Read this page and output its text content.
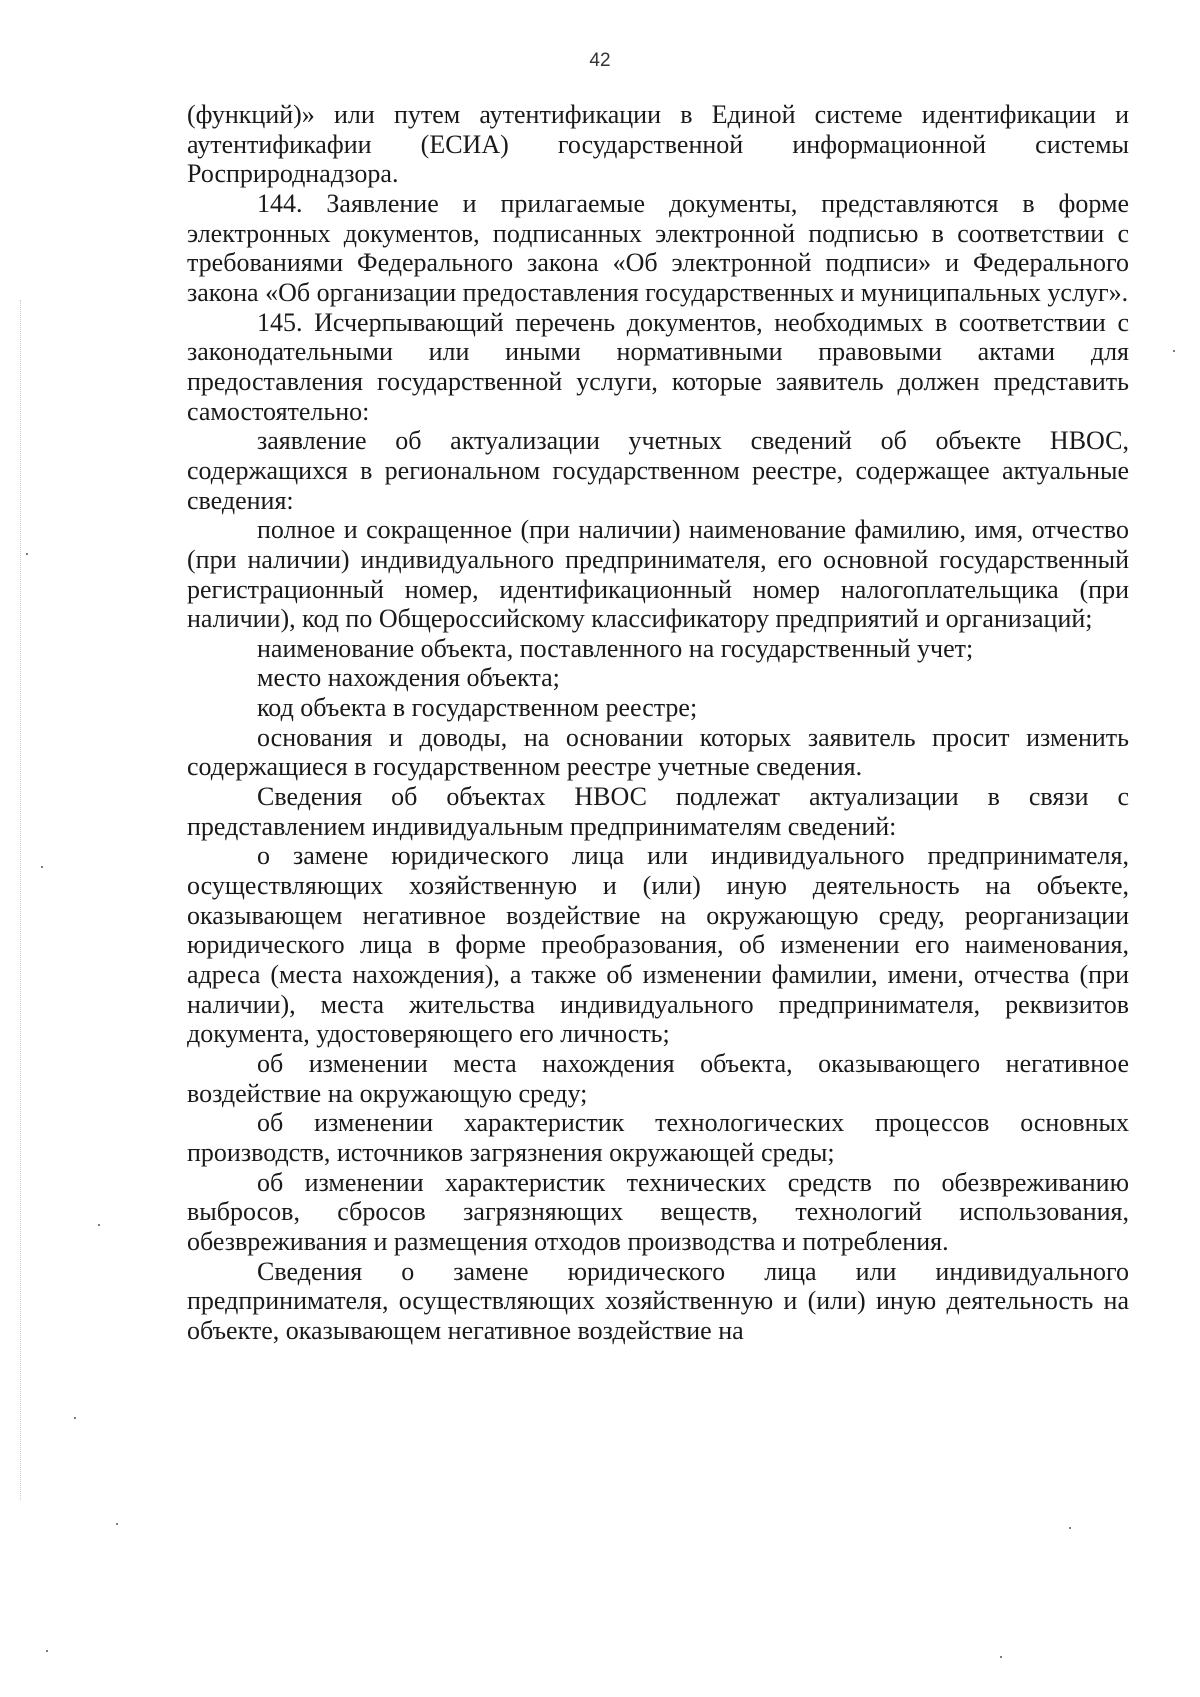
42

(функций)» или путем аутентификации в Единой системе идентификации и аутентификафии (ЕСИА) государственной информационной системы Росприроднадзора.

144. Заявление и прилагаемые документы, представляются в форме электронных документов, подписанных электронной подписью в соответствии с требованиями Федерального закона «Об электронной подписи» и Федерального закона «Об организации предоставления государственных и муниципальных услуг».

145. Исчерпывающий перечень документов, необходимых в соответствии с законодательными или иными нормативными правовыми актами для предоставления государственной услуги, которые заявитель должен представить самостоятельно:

заявление об актуализации учетных сведений об объекте НВОС, содержащихся в региональном государственном реестре, содержащее актуальные сведения:

полное и сокращенное (при наличии) наименование фамилию, имя, отчество (при наличии) индивидуального предпринимателя, его основной государственный регистрационный номер, идентификационный номер налогоплательщика (при наличии), код по Общероссийскому классификатору предприятий и организаций;

наименование объекта, поставленного на государственный учет;

место нахождения объекта;

код объекта в государственном реестре;

основания и доводы, на основании которых заявитель просит изменить содержащиеся в государственном реестре учетные сведения.

Сведения об объектах НВОС подлежат актуализации в связи с представлением индивидуальным предпринимателям сведений:

о замене юридического лица или индивидуального предпринимателя, осуществляющих хозяйственную и (или) иную деятельность на объекте, оказывающем негативное воздействие на окружающую среду, реорганизации юридического лица в форме преобразования, об изменении его наименования, адреса (места нахождения), а также об изменении фамилии, имени, отчества (при наличии), места жительства индивидуального предпринимателя, реквизитов документа, удостоверяющего его личность;

об изменении места нахождения объекта, оказывающего негативное воздействие на окружающую среду;

об изменении характеристик технологических процессов основных производств, источников загрязнения окружающей среды;

об изменении характеристик технических средств по обезвреживанию выбросов, сбросов загрязняющих веществ, технологий использования, обезвреживания и размещения отходов производства и потребления.

Сведения о замене юридического лица или индивидуального предпринимателя, осуществляющих хозяйственную и (или) иную деятельность на объекте, оказывающем негативное воздействие на
